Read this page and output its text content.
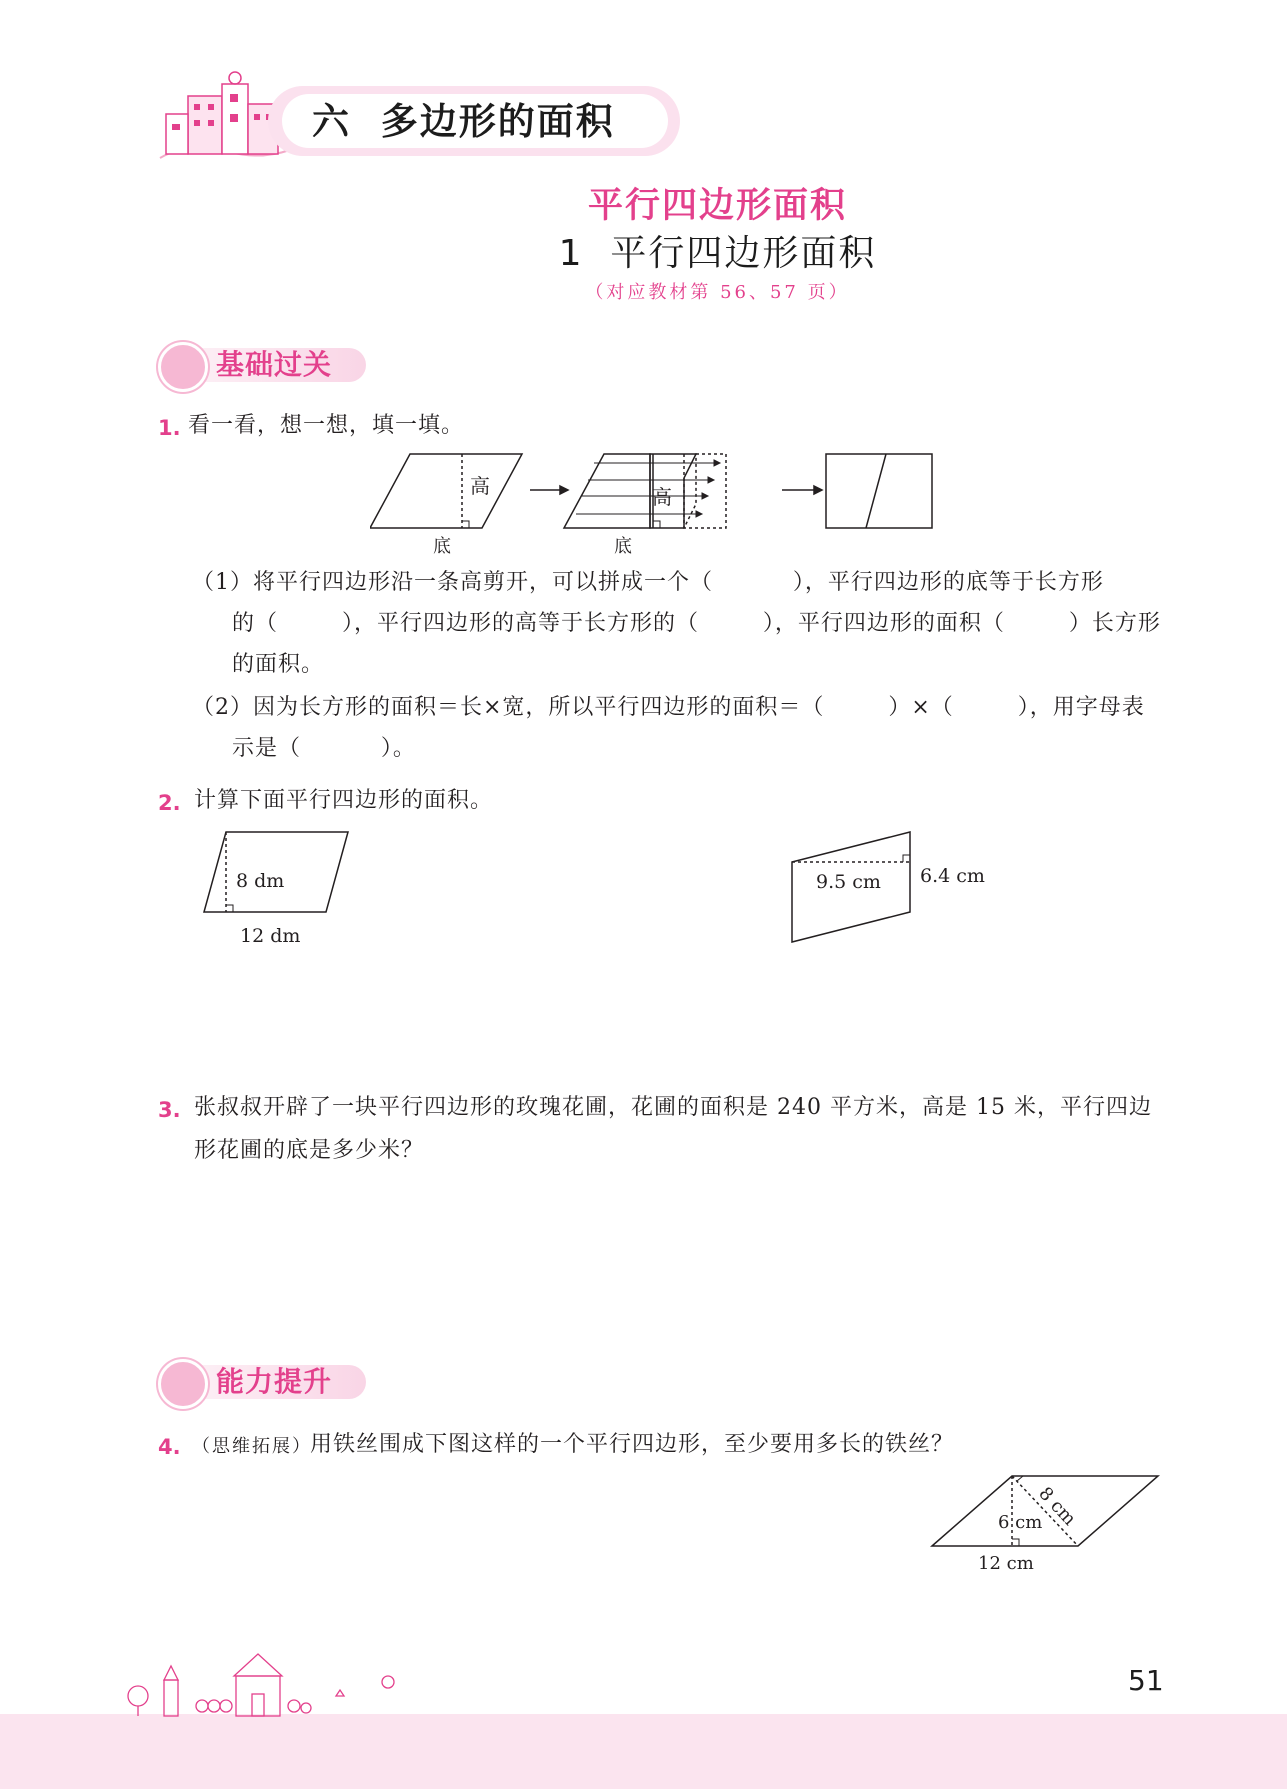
六  多边形的面积
平行四边形面积
1  平行四边形面积
（对应教材第 56、57 页）
基础过关
1. 看一看，想一想，填一填。
高
底
高
底
（1）将平行四边形沿一条高剪开，可以拼成一个（          ），平行四边形的底等于长方形
的（        ），平行四边形的高等于长方形的（        ），平行四边形的面积（        ）长方形
的面积。
（2）因为长方形的面积＝长×宽，所以平行四边形的面积＝（        ）×（        ），用字母表
示是（          ）。
2. 计算下面平行四边形的面积。
8 dm
12 dm
9.5 cm 6.4 cm
3. 张叔叔开辟了一块平行四边形的玫瑰花圃，花圃的面积是 240 平方米，高是 15 米，平行四边
形花圃的底是多少米？
能力提升
4. （思维拓展）
用铁丝围成下图这样的一个平行四边形，至少要用多长的铁丝？
6 cm
8 cm
12 cm
51
